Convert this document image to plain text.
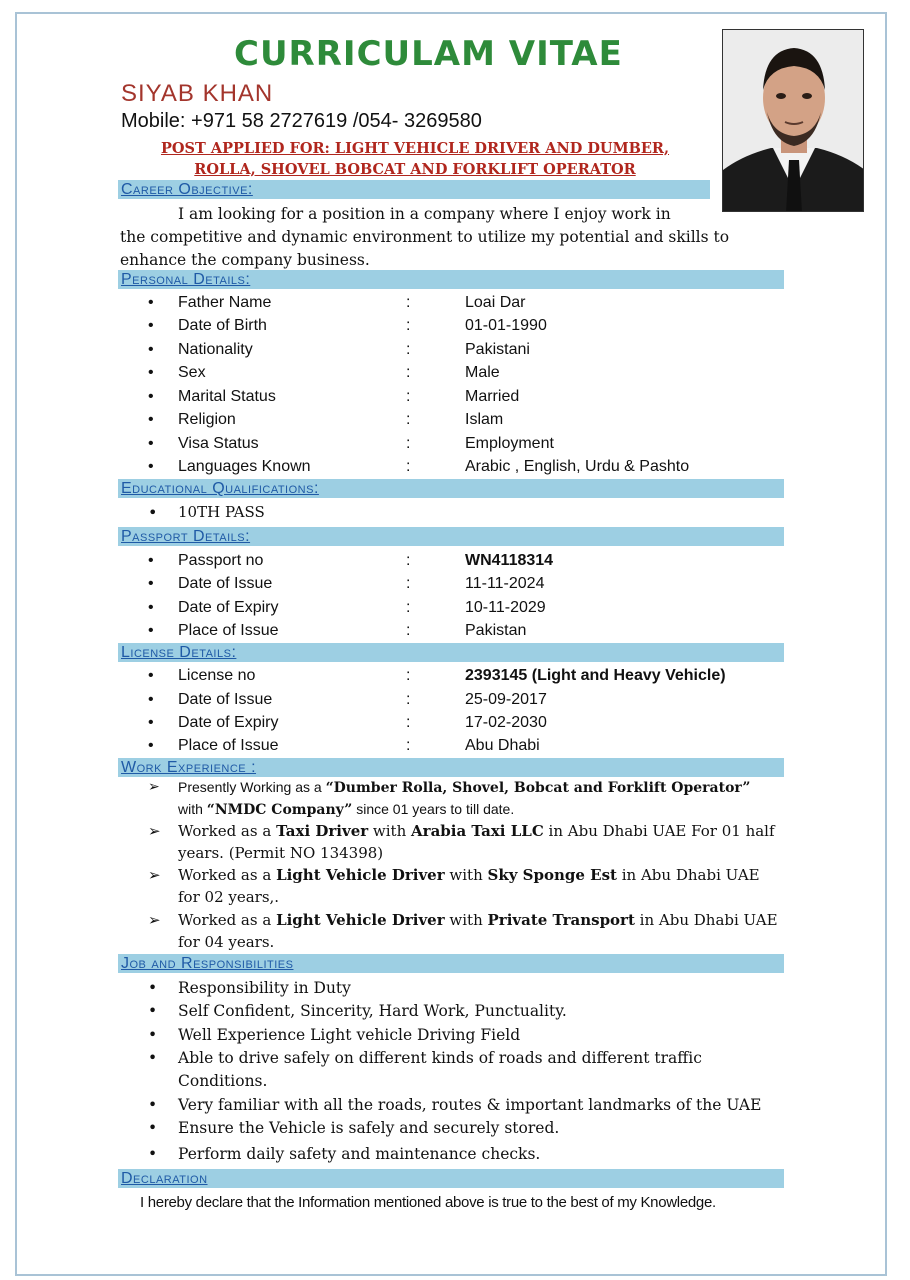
CURRICULAM VITAE
SIYAB KHAN
Mobile: +971 58 2727619 /054- 3269580
POST APPLIED FOR: LIGHT VEHICLE DRIVER AND DUMBER,
ROLLA, SHOVEL BOBCAT AND FORKLIFT OPERATOR
Career Objective:
I am looking for a position in a company where I enjoy work in
the competitive and dynamic environment to utilize my potential and skills to
enhance the company business.
Personal Details:
• Father Name	:	Loai Dar
• Date of Birth	:	01-01-1990
• Nationality	:	Pakistani
• Sex	:	Male
• Marital Status	:	Married
• Religion	:	Islam
• Visa Status	:	Employment
• Languages Known	:	Arabic , English, Urdu & Pashto
Educational Qualifications:
• 10TH PASS
Passport Details:
• Passport no	:	WN4118314
• Date of Issue	:	11-11-2024
• Date of Expiry	:	10-11-2029
• Place of Issue	:	Pakistan
License Details:
• License no	:	2393145 (Light and Heavy Vehicle)
• Date of Issue	:	25-09-2017
• Date of Expiry	:	17-02-2030
• Place of Issue	:	Abu Dhabi
Work Experience :
➢ Presently Working as a “Dumber Rolla, Shovel, Bobcat and Forklift Operator” with “NMDC Company” since 01 years to till date.
➢ Worked as a Taxi Driver with Arabia Taxi LLC in Abu Dhabi UAE For 01 half years. (Permit NO 134398)
➢ Worked as a Light Vehicle Driver with Sky Sponge Est in Abu Dhabi UAE for 02 years,.
➢ Worked as a Light Vehicle Driver with Private Transport in Abu Dhabi UAE for 04 years.
Job and Responsibilities
• Responsibility in Duty
• Self Confident, Sincerity, Hard Work, Punctuality.
• Well Experience Light vehicle Driving Field
• Able to drive safely on different kinds of roads and different traffic Conditions.
• Very familiar with all the roads, routes & important landmarks of the UAE
• Ensure the Vehicle is safely and securely stored.
• Perform daily safety and maintenance checks.
Declaration
I hereby declare that the Information mentioned above is true to the best of my Knowledge.
